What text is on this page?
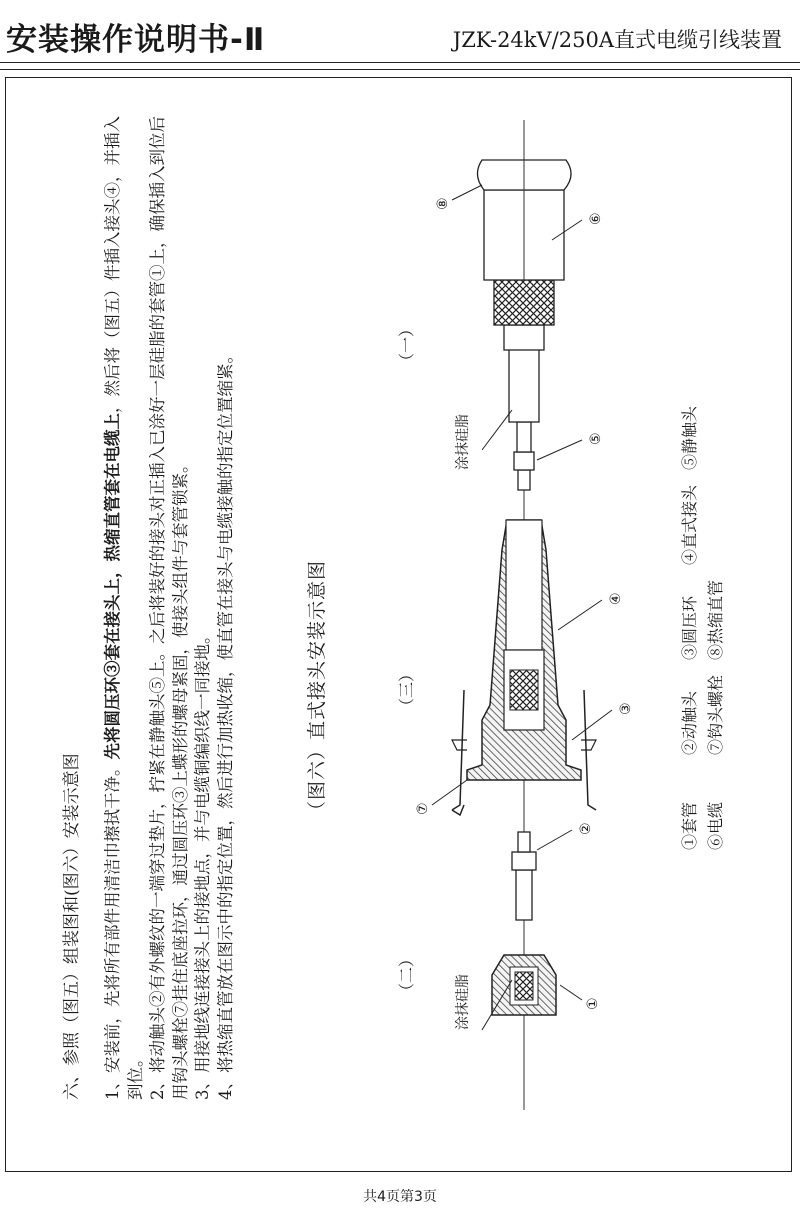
安装操作说明书-Ⅱ	JZK-24kV/250A直式电缆引线装置
六、参照（图五）组装图和(图六）安装示意图 1、安装前，先将所有部件用清洁巾擦拭干净。先将圆压环③套在接头上，热缩直管套在电缆上，然后将（图五）件插入接头④，并插入到位。 2、将动触头②有外螺纹的一端穿过垫片，拧紧在静触头⑤上。之后将装好的接头对正插入已涂好一层硅脂的套管①上，确保插入到位后用钩头螺栓⑦挂住底座拉环，通过圆压环③上蝶形的螺母紧固，使接头组件与套管锁紧。 3、用接地线连接接头上的接地点，并与电缆铜编织线一同接地。 4、将热缩直管放在图示中的指定位置，然后进行加热收缩，使直管在接头与电缆接触的指定位置缩紧。	（图六）直式接头安装示意图
（二）
（三）
（一）
涂抹硅脂
涂抹硅脂
①
②
③
④
⑤
⑥
⑦
⑧
①套管
②动触头
③圆压环
④直式接头
⑤静触头
⑥电缆
⑦钩头螺栓
⑧热缩直管
共4页第3页
